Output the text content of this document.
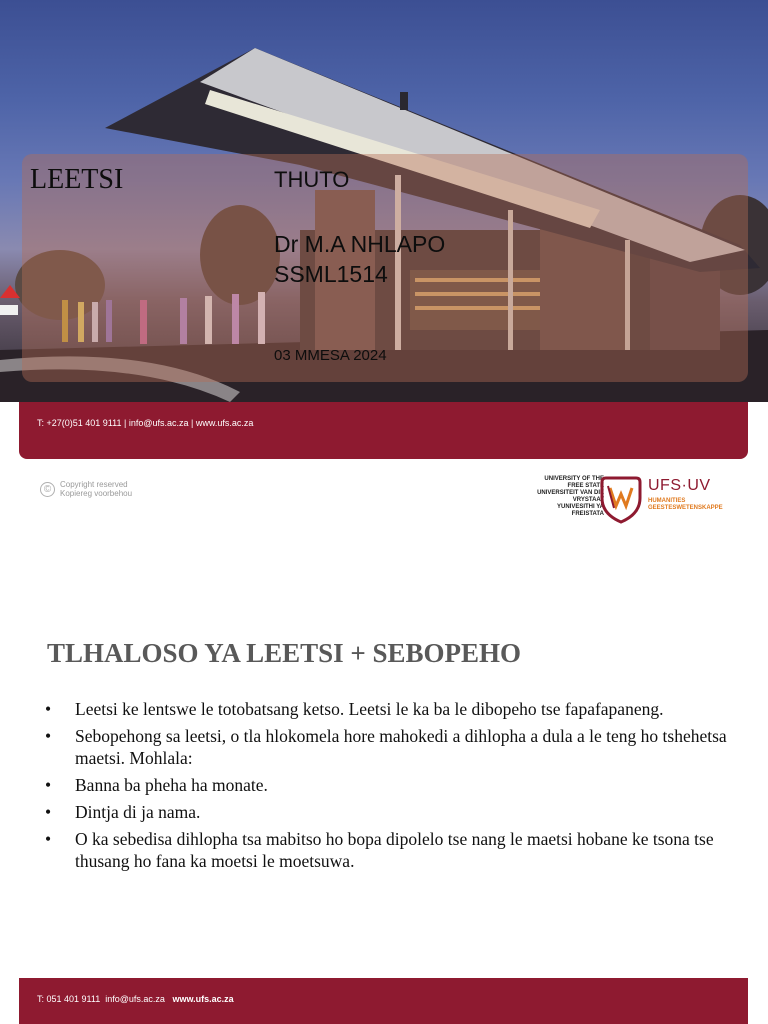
LEETSI	THUTO

Dr M.A NHLAPO

SSML1514

03 MMESA 2024
T: +27(0)51 401 9111 | info@ufs.ac.za | www.ufs.ac.za
©	Copyright reserved
Kopiereg voorbehou
UNIVERSITY OF THE
FREE STATE
UNIVERSITEIT VAN DIE
VRYSTAAT
YUNIVESITHI YA
FREISTATA
UFS·UV
HUMANITIES
GEESTESWETENSKAPPE
TLHALOSO YA LEETSI + SEBOPEHO
• Leetsi ke lentswe le totobatsang ketso. Leetsi le ka ba le dibopeho tse fapafapaneng.
• Sebopehong sa leetsi, o tla hlokomela hore mahokedi a dihlopha a dula a le teng ho tshehetsa maetsi. Mohlala:
• Banna ba pheha ha monate.
• Dintja di ja nama.
• O ka sebedisa dihlopha tsa mabitso ho bopa dipolelo tse nang le maetsi hobane ke tsona tse thusang ho fana ka moetsi le moetsuwa.
T: 051 401 9111 info@ufs.ac.za www.ufs.ac.za
